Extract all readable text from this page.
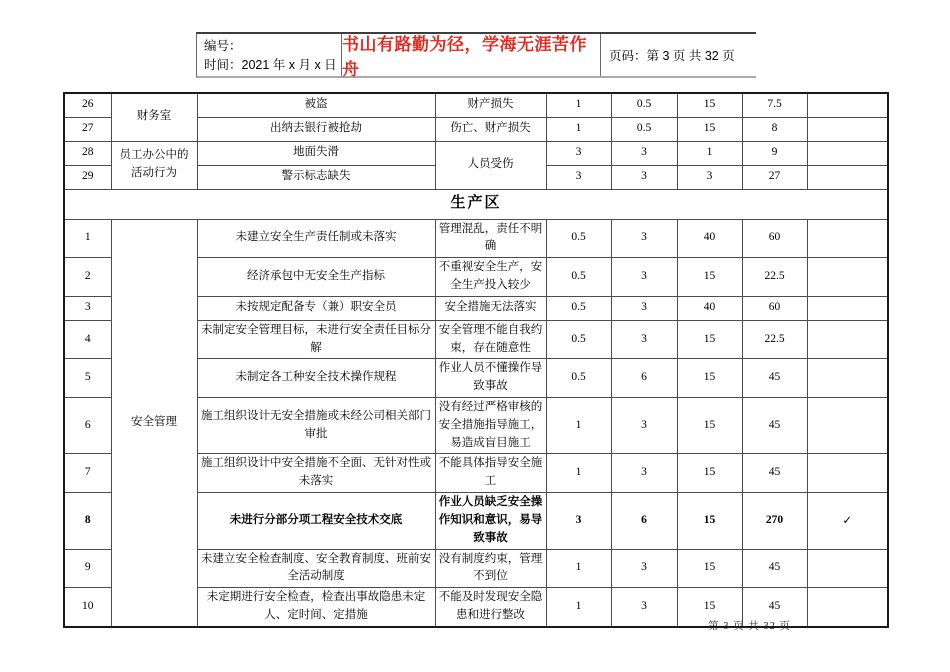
编号：
时间：2021 年 x 月 x 日
书山有路勤为径，学海无涯苦作舟
页码：第 3 页 共 32 页
26	财务室	被盗	财产损失	1	0.5	15	7.5	
27		出纳去银行被抢劫	伤亡、财产损失	1	0.5	15	8	
28	员工办公中的活动行为	地面失滑	人员受伤	3	3	1	9	
29		警示标志缺失		3	3	3	27	
生产区								
1	安全管理	未建立安全生产责任制或未落实	管理混乱，责任不明确	0.5	3	40	60	
2		经济承包中无安全生产指标	不重视安全生产，安全生产投入较少	0.5	3	15	22.5	
3		未按规定配备专（兼）职安全员	安全措施无法落实	0.5	3	40	60	
4		未制定安全管理目标，未进行安全责任目标分解	安全管理不能自我约束，存在随意性	0.5	3	15	22.5	
5		未制定各工种安全技术操作规程	作业人员不懂操作导致事故	0.5	6	15	45	
6		施工组织设计无安全措施或未经公司相关部门审批	没有经过严格审核的安全措施指导施工，易造成盲目施工	1	3	15	45	
7		施工组织设计中安全措施不全面、无针对性或未落实	不能具体指导安全施工	1	3	15	45	
8		未进行分部分项工程安全技术交底	作业人员缺乏安全操作知识和意识，易导致事故	3	6	15	270	✓
9		未建立安全检查制度、安全教育制度、班前安全活动制度	没有制度约束，管理不到位	1	3	15	45	
10		未定期进行安全检查，检查出事故隐患未定人、定时间、定措施	不能及时发现安全隐患和进行整改	1	3	15	45	
第 3 页 共 32 页
